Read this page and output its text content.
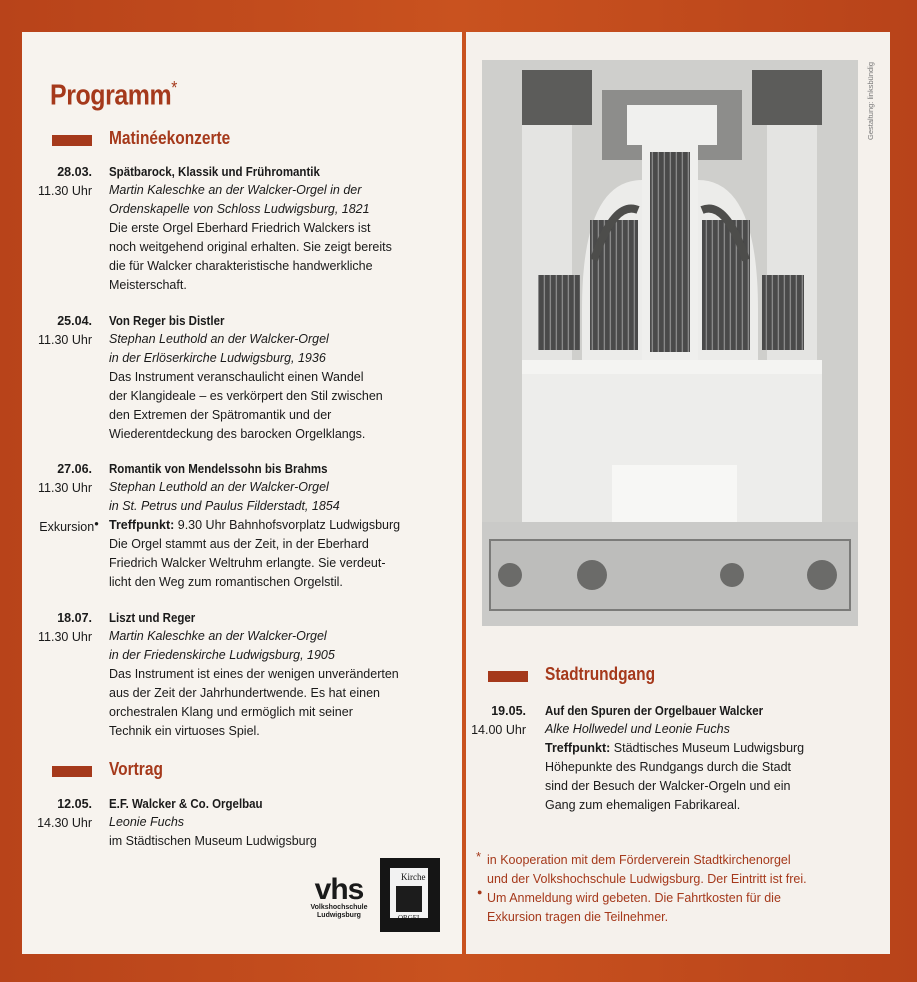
Programm*
Matinéekonzerte
28.03.
11.30 Uhr
Spätbarock, Klassik und Frühromantik
Martin Kaleschke an der Walcker-Orgel in der
Ordenskapelle von Schloss Ludwigsburg, 1821
Die erste Orgel Eberhard Friedrich Walckers ist
noch weitgehend original erhalten. Sie zeigt bereits
die für Walcker charakteristische handwerkliche
Meisterschaft.
25.04.
11.30 Uhr
Von Reger bis Distler
Stephan Leuthold an der Walcker-Orgel
in der Erlöserkirche Ludwigsburg, 1936
Das Instrument veranschaulicht einen Wandel
der Klangideale – es verkörpert den Stil zwischen
den Extremen der Spätromantik und der
Wiederentdeckung des barocken Orgelklangs.
27.06.
11.30 Uhr
Exkursion●
Romantik von Mendelssohn bis Brahms
Stephan Leuthold an der Walcker-Orgel
in St. Petrus und Paulus Filderstadt, 1854
Treffpunkt: 9.30 Uhr Bahnhofsvorplatz Ludwigsburg
Die Orgel stammt aus der Zeit, in der Eberhard
Friedrich Walcker Weltruhm erlangte. Sie verdeut-
licht den Weg zum romantischen Orgelstil.
18.07.
11.30 Uhr
Liszt und Reger
Martin Kaleschke an der Walcker-Orgel
in der Friedenskirche Ludwigsburg, 1905
Das Instrument ist eines der wenigen unveränderten
aus der Zeit der Jahrhundertwende. Es hat einen
orchestralen Klang und ermöglich mit seiner
Technik ein virtuoses Spiel.
Vortrag
12.05.
14.30 Uhr
E.F. Walcker & Co. Orgelbau
Leonie Fuchs
im Städtischen Museum Ludwigsburg
Gestaltung: linksbündig
Stadtrundgang
19.05.
14.00 Uhr
Auf den Spuren der Orgelbauer Walcker
Alke Hollwedel und Leonie Fuchs
Treffpunkt: Städtisches Museum Ludwigsburg
Höhepunkte des Rundgangs durch die Stadt
sind der Besuch der Walcker-Orgeln und ein
Gang zum ehemaligen Fabrikareal.
* in Kooperation mit dem Förderverein Stadtkirchenorgel
und der Volkshochschule Ludwigsburg. Der Eintritt ist frei.
● Um Anmeldung wird gebeten. Die Fahrtkosten für die
Exkursion tragen die Teilnehmer.
vhs
Volkshochschule
Ludwigsburg
Kirche
ORGEL
